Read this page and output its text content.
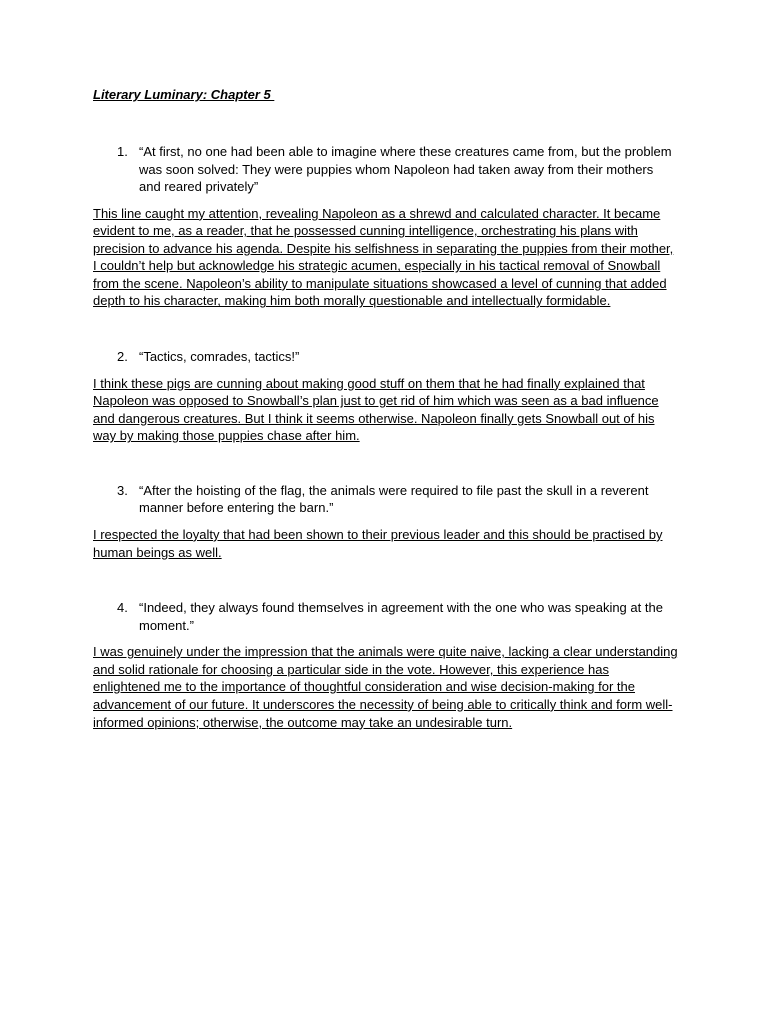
Literary Luminary: Chapter 5

1. “At first, no one had been able to imagine where these creatures came from, but the problem was soon solved: They were puppies whom Napoleon had taken away from their mothers and reared privately”

This line caught my attention, revealing Napoleon as a shrewd and calculated character. It became evident to me, as a reader, that he possessed cunning intelligence, orchestrating his plans with precision to advance his agenda. Despite his selfishness in separating the puppies from their mother, I couldn’t help but acknowledge his strategic acumen, especially in his tactical removal of Snowball from the scene. Napoleon’s ability to manipulate situations showcased a level of cunning that added depth to his character, making him both morally questionable and intellectually formidable.

2. “Tactics, comrades, tactics!”

I think these pigs are cunning about making good stuff on them that he had finally explained that Napoleon was opposed to Snowball’s plan just to get rid of him which was seen as a bad influence and dangerous creatures. But I think it seems otherwise. Napoleon finally gets Snowball out of his way by making those puppies chase after him.

3. “After the hoisting of the flag, the animals were required to file past the skull in a reverent manner before entering the barn.”

I respected the loyalty that had been shown to their previous leader and this should be practised by human beings as well.

4. “Indeed, they always found themselves in agreement with the one who was speaking at the moment.”

I was genuinely under the impression that the animals were quite naive, lacking a clear understanding and solid rationale for choosing a particular side in the vote. However, this experience has enlightened me to the importance of thoughtful consideration and wise decision-making for the advancement of our future. It underscores the necessity of being able to critically think and form well-informed opinions; otherwise, the outcome may take an undesirable turn.
